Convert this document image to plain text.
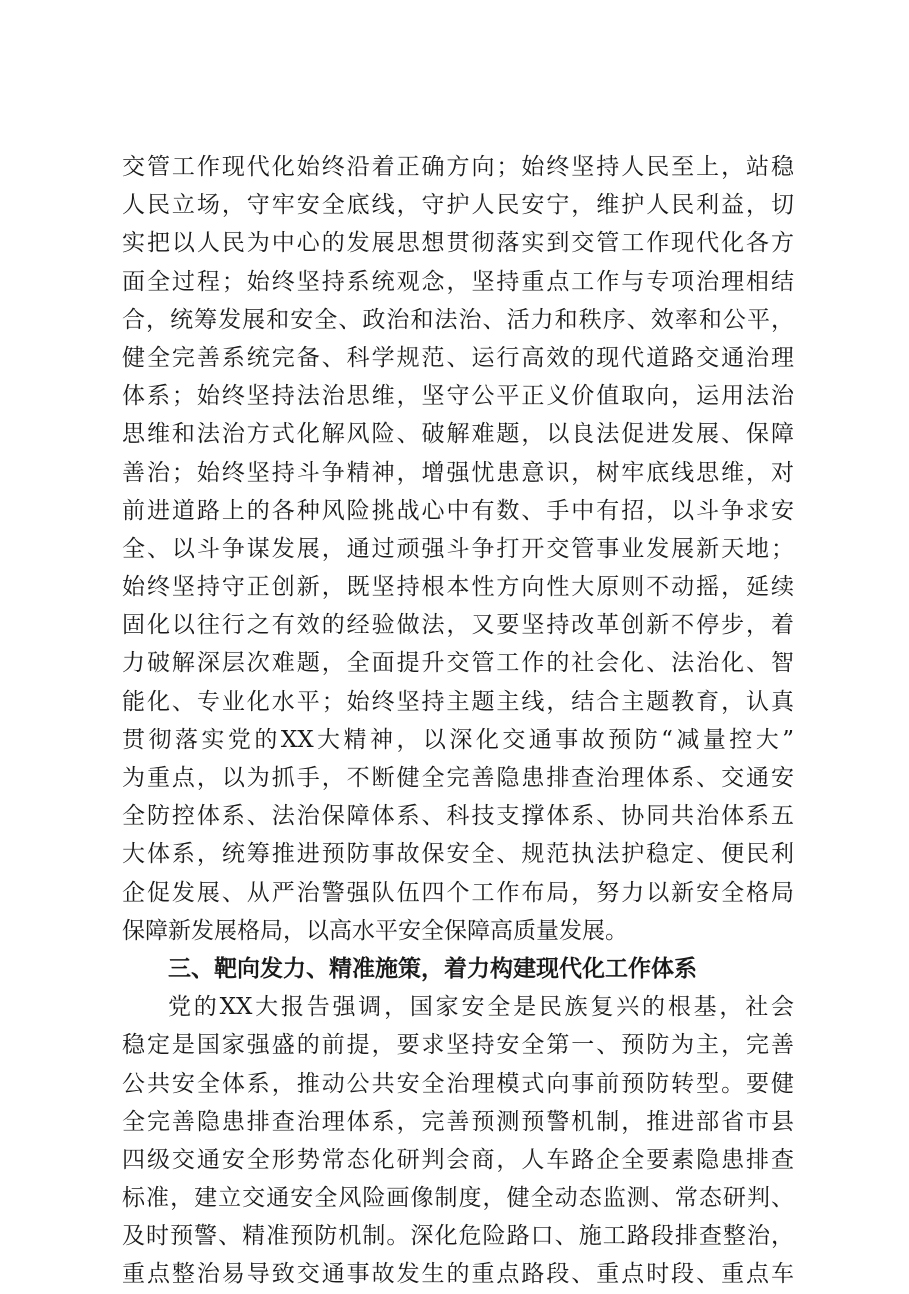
交管工作现代化始终沿着正确方向；始终坚持人民至上，站稳
人民立场，守牢安全底线，守护人民安宁，维护人民利益，切
实把以人民为中心的发展思想贯彻落实到交管工作现代化各方
面全过程；始终坚持系统观念，坚持重点工作与专项治理相结
合，统筹发展和安全、政治和法治、活力和秩序、效率和公平，
健全完善系统完备、科学规范、运行高效的现代道路交通治理
体系；始终坚持法治思维，坚守公平正义价值取向，运用法治
思维和法治方式化解风险、破解难题，以良法促进发展、保障
善治；始终坚持斗争精神，增强忧患意识，树牢底线思维，对
前进道路上的各种风险挑战心中有数、手中有招，以斗争求安
全、以斗争谋发展，通过顽强斗争打开交管事业发展新天地；
始终坚持守正创新，既坚持根本性方向性大原则不动摇，延续
固化以往行之有效的经验做法，又要坚持改革创新不停步，着
力破解深层次难题，全面提升交管工作的社会化、法治化、智
能化、专业化水平；始终坚持主题主线，结合主题教育，认真
贯彻落实党的XX大精神，以深化交通事故预防“减量控大”
为重点，以为抓手，不断健全完善隐患排查治理体系、交通安
全防控体系、法治保障体系、科技支撑体系、协同共治体系五
大体系，统筹推进预防事故保安全、规范执法护稳定、便民利
企促发展、从严治警强队伍四个工作布局，努力以新安全格局
保障新发展格局，以高水平安全保障高质量发展。
三、靶向发力、精准施策，着力构建现代化工作体系
党的XX大报告强调，国家安全是民族复兴的根基，社会
稳定是国家强盛的前提，要求坚持安全第一、预防为主，完善
公共安全体系，推动公共安全治理模式向事前预防转型。要健
全完善隐患排查治理体系，完善预测预警机制，推进部省市县
四级交通安全形势常态化研判会商，人车路企全要素隐患排查
标准，建立交通安全风险画像制度，健全动态监测、常态研判、
及时预警、精准预防机制。深化危险路口、施工路段排查整治，
重点整治易导致交通事故发生的重点路段、重点时段、重点车
